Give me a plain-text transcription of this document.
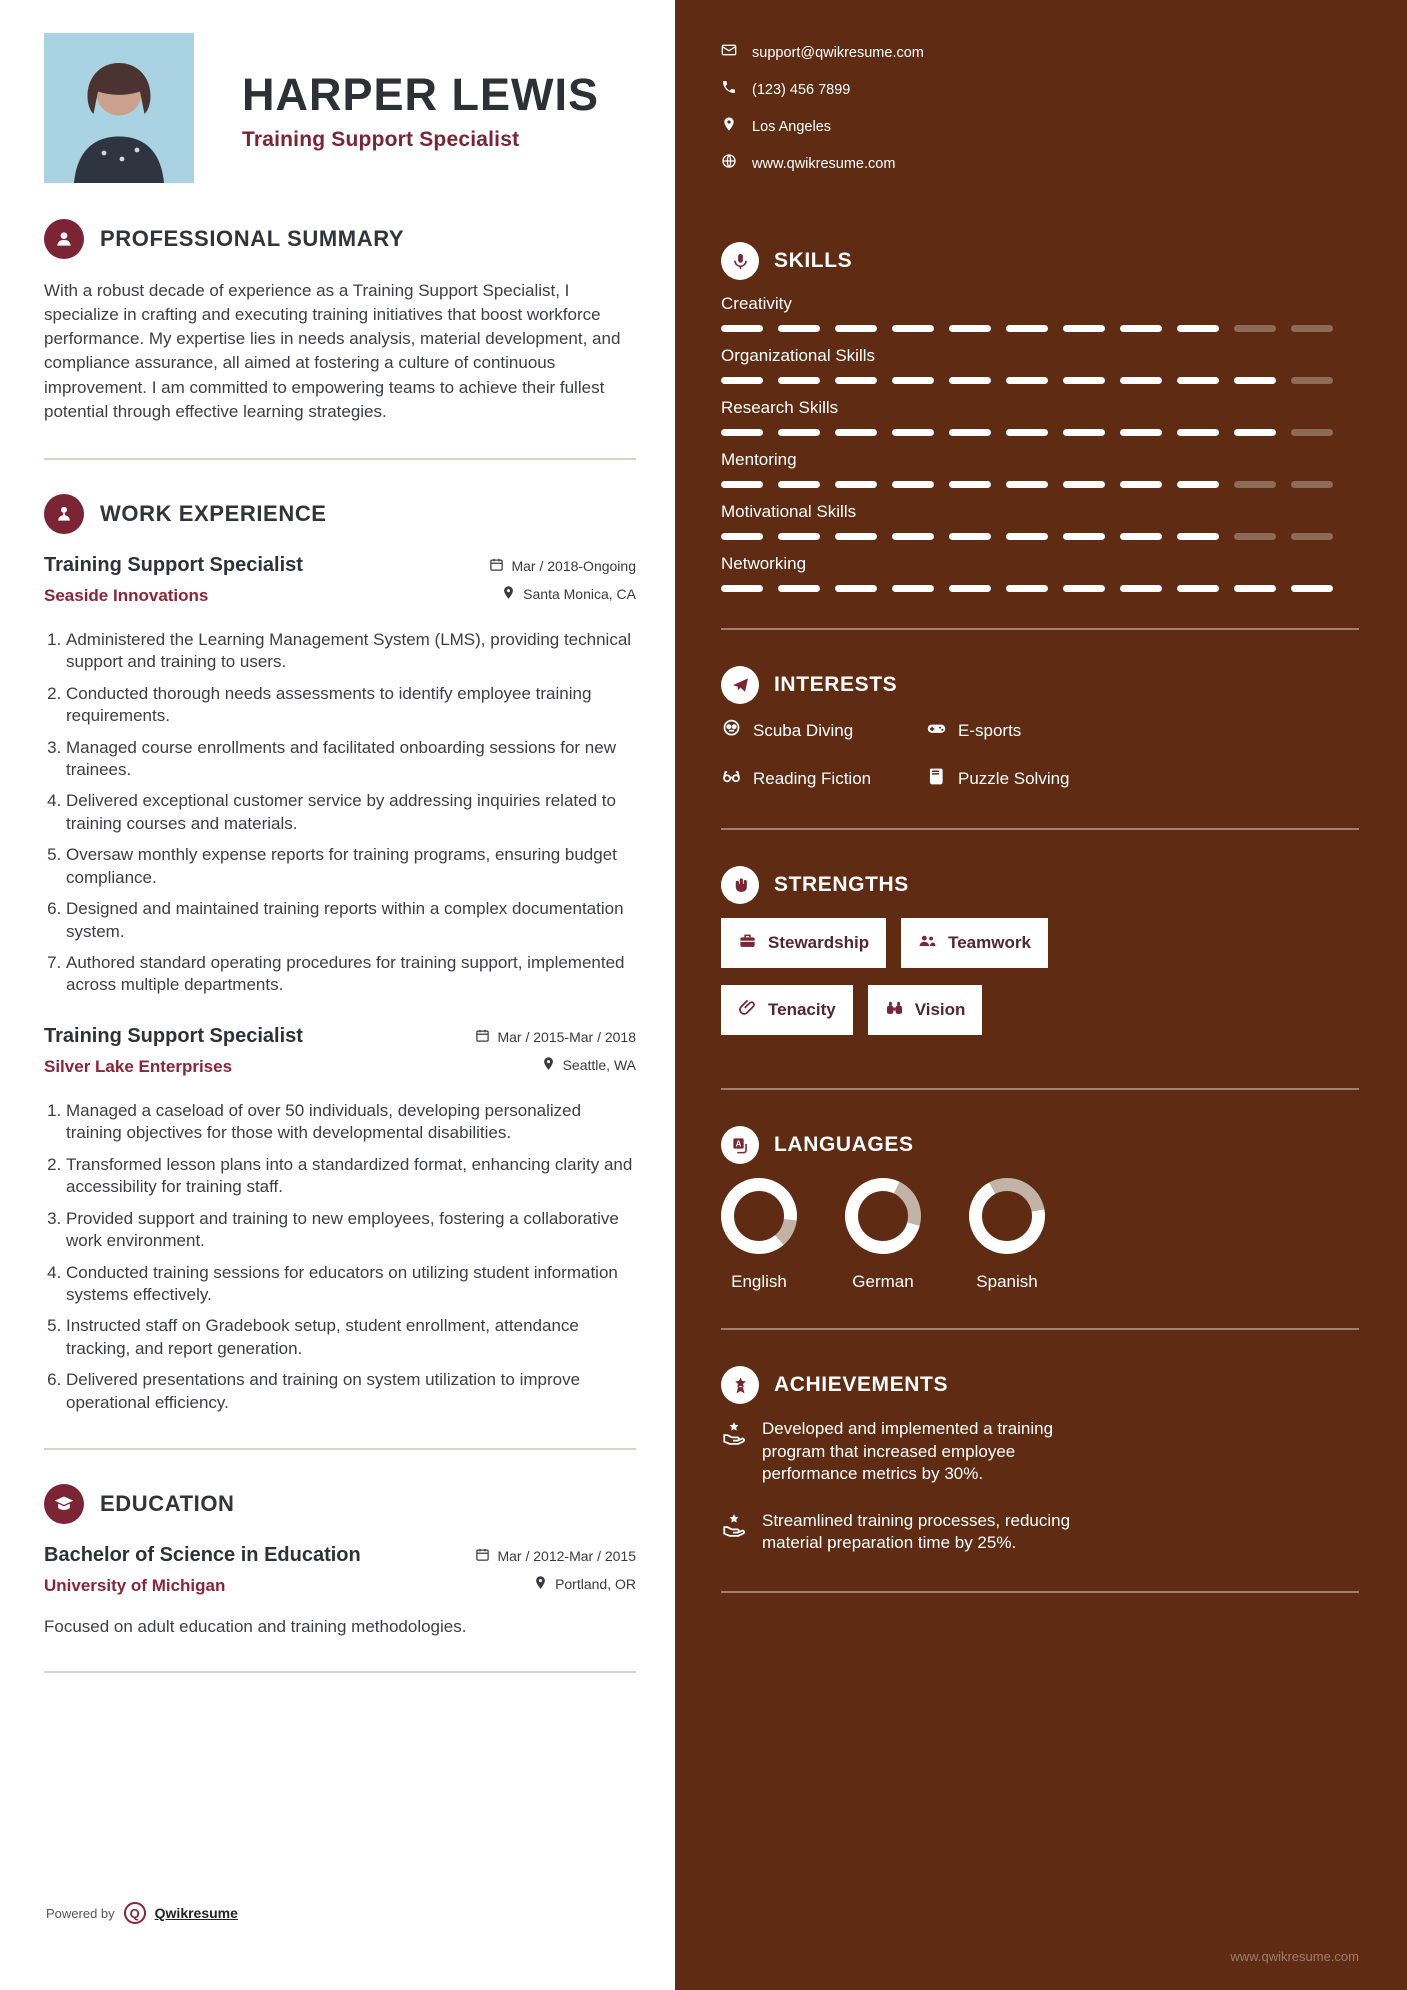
HARPER LEWIS
Training Support Specialist
PROFESSIONAL SUMMARY

With a robust decade of experience as a Training Support Specialist, I specialize in crafting and executing training initiatives that boost workforce performance. My expertise lies in needs analysis, material development, and compliance assurance, all aimed at fostering a culture of continuous improvement. I am committed to empowering teams to achieve their fullest potential through effective learning strategies.

WORK EXPERIENCE
Training Support Specialist
Seaside Innovations
Mar / 2018-Ongoing
Santa Monica, CA
1. Administered the Learning Management System (LMS), providing technical support and training to users.
2. Conducted thorough needs assessments to identify employee training requirements.
3. Managed course enrollments and facilitated onboarding sessions for new trainees.
4. Delivered exceptional customer service by addressing inquiries related to training courses and materials.
5. Oversaw monthly expense reports for training programs, ensuring budget compliance.
6. Designed and maintained training reports within a complex documentation system.
7. Authored standard operating procedures for training support, implemented across multiple departments.
Training Support Specialist
Silver Lake Enterprises
Mar / 2015-Mar / 2018
Seattle, WA
1. Managed a caseload of over 50 individuals, developing personalized training objectives for those with developmental disabilities.
2. Transformed lesson plans into a standardized format, enhancing clarity and accessibility for training staff.
3. Provided support and training to new employees, fostering a collaborative work environment.
4. Conducted training sessions for educators on utilizing student information systems effectively.
5. Instructed staff on Gradebook setup, student enrollment, attendance tracking, and report generation.
6. Delivered presentations and training on system utilization to improve operational efficiency.
EDUCATION
Bachelor of Science in Education
University of Michigan
Mar / 2012-Mar / 2015
Portland, OR

Focused on adult education and training methodologies.

Powered by	Q	Qwikresume
support@qwikresume.com
(123) 456 7899
Los Angeles
www.qwikresume.com
SKILLS
Creativity
Organizational Skills
Research Skills
Mentoring
Motivational Skills
Networking
INTERESTS
Scuba Diving	E-sports
Reading Fiction	Puzzle Solving
STRENGTHS
Stewardship	Teamwork
Tenacity	Vision
A LANGUAGES
English	German	Spanish
ACHIEVEMENTS

Developed and implemented a training program that increased employee performance metrics by 30%.

Streamlined training processes, reducing material preparation time by 25%.

www.qwikresume.com
